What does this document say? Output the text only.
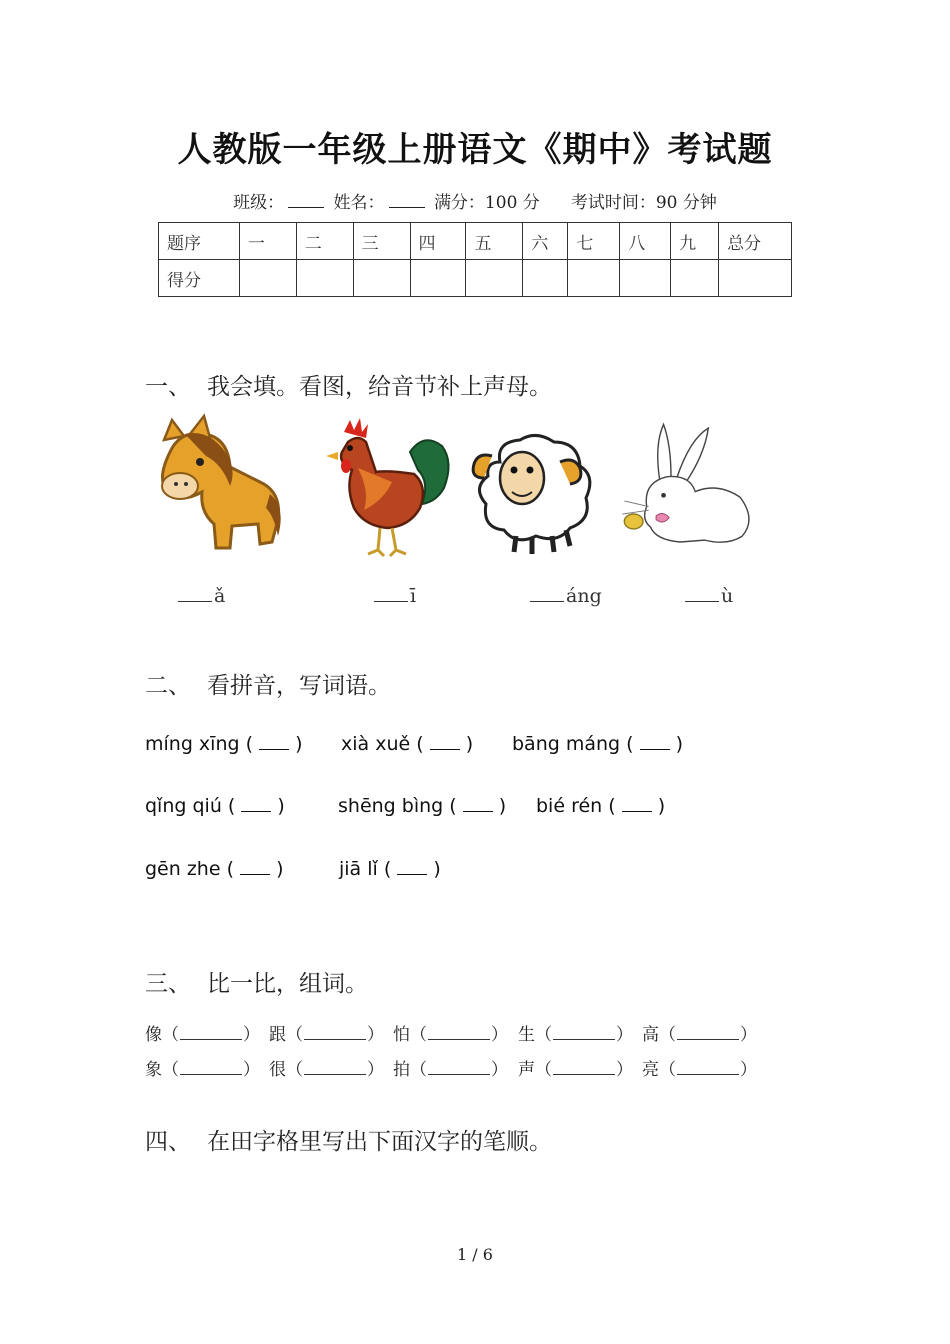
人教版一年级上册语文《期中》考试题
班级：	姓名：	满分：100 分 考试时间：90 分钟
题序	一	二	三	四	五	六	七	八	九	总分
得分										
一、 我会填。看图，给音节补上声母。
ǎ	ī	áng	ù
二、 看拼音，写词语。
míng xīng ( ) xià xuě ( ) bāng máng ( )
qǐng qiú ( )	shēng bìng ( ) bié rén ( )
gēn zhe ( )	jiā lǐ ( )
三、 比一比，组词。
像（	） 跟（	） 怕（	） 生（	） 高（	）
象（	） 很（	） 拍（	） 声（	） 亮（	）
四、 在田字格里写出下面汉字的笔顺。
1 / 6
